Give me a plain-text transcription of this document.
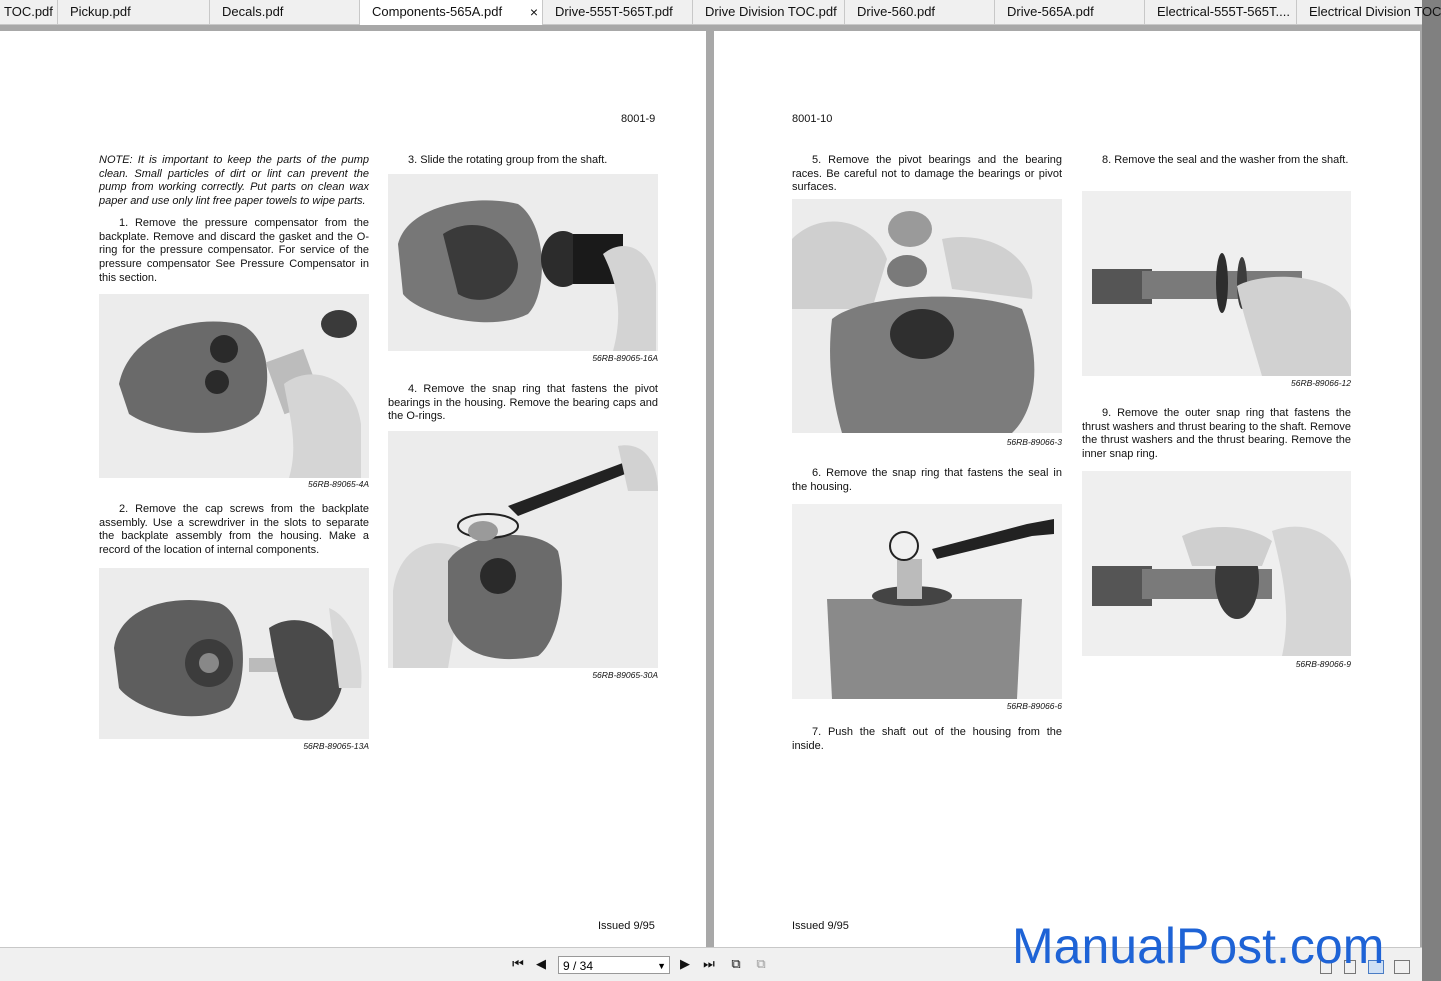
TOC.pdf	Pickup.pdf	Decals.pdf	Components-565A.pdf ×	Drive-555T-565T.pdf	Drive Division TOC.pdf	Drive-560.pdf	Drive-565A.pdf	Electrical-555T-565T....	Electrical Division TOC
8001-9
NOTE: It is important to keep the parts of the pump clean. Small particles of dirt or lint can prevent the pump from working correctly. Put parts on clean wax paper and use only lint free paper towels to wipe parts.
1. Remove the pressure compensator from the backplate. Remove and discard the gasket and the O-ring for the pressure compensator. For service of the pressure compensator See Pressure Compensator in this section.
56RB-89065-4A
2. Remove the cap screws from the backplate assembly. Use a screwdriver in the slots to separate the backplate assembly from the housing. Make a record of the location of internal components.
56RB-89065-13A
3. Slide the rotating group from the shaft.
56RB-89065-16A
4. Remove the snap ring that fastens the pivot bearings in the housing. Remove the bearing caps and the O-rings.
56RB-89065-30A
Issued 9/95
8001-10
5. Remove the pivot bearings and the bearing races. Be careful not to damage the bearings or pivot surfaces.
56RB-89066-3
6. Remove the snap ring that fastens the seal in the housing.
56RB-89066-6
7. Push the shaft out of the housing from the inside.
8. Remove the seal and the washer from the shaft.
56RB-89066-12
9. Remove the outer snap ring that fastens the thrust washers and thrust bearing to the shaft. Remove the thrust washers and the thrust bearing. Remove the inner snap ring.
56RB-89066-9
Issued 9/95
⏮ ◀	9 / 34	▼ ▶ ⏭ ⧉ ⧉	ManualPost.com
